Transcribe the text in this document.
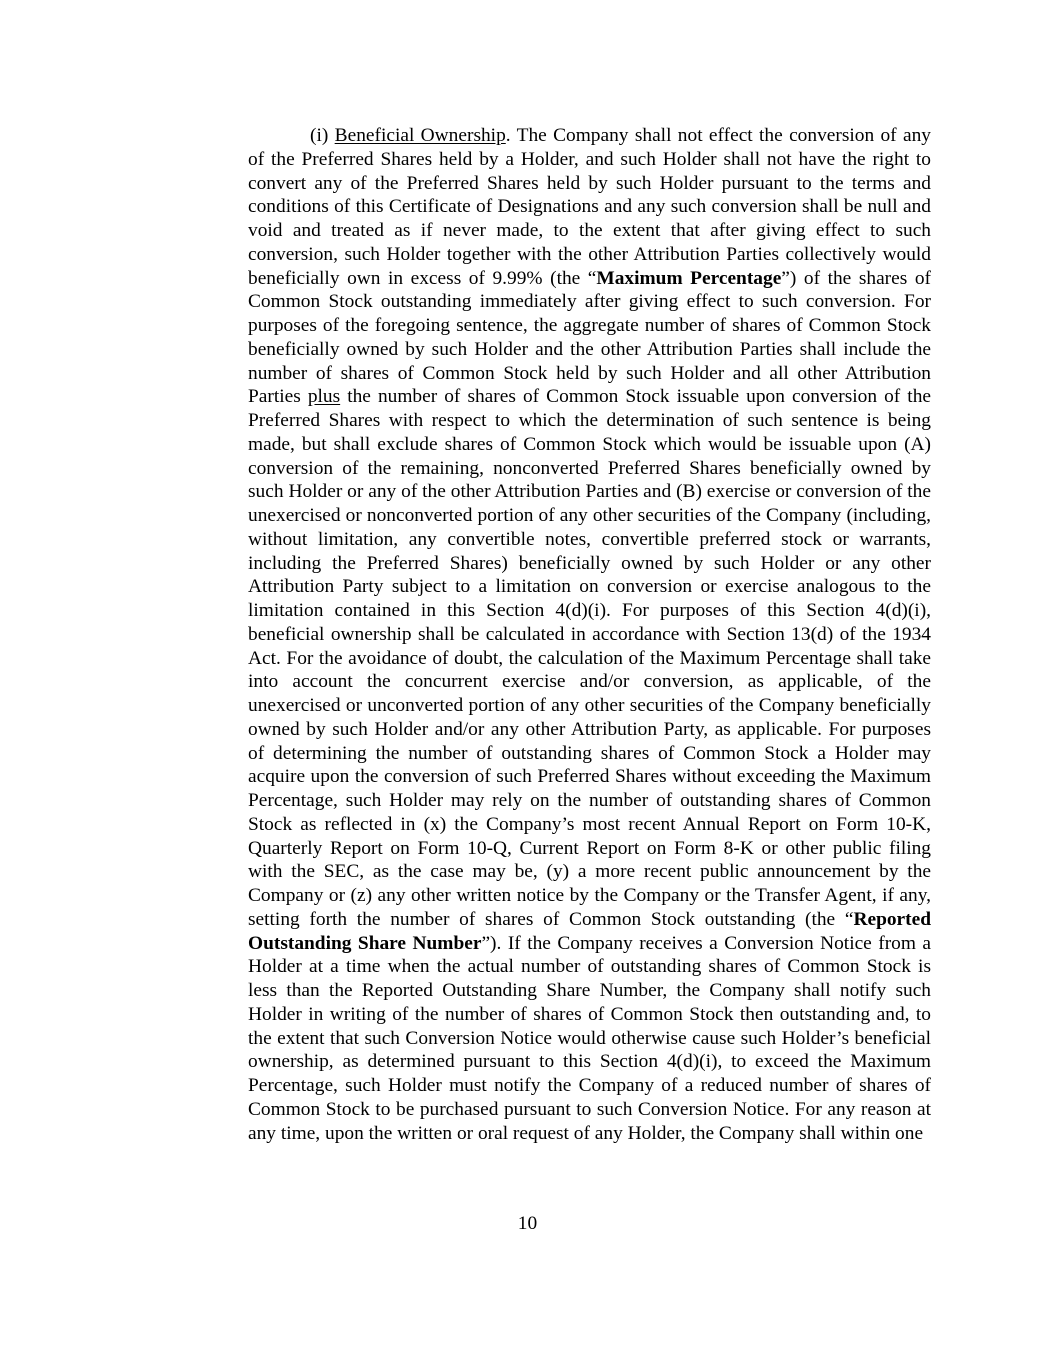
(i) Beneficial Ownership. The Company shall not effect the conversion of any of the Preferred Shares held by a Holder, and such Holder shall not have the right to convert any of the Preferred Shares held by such Holder pursuant to the terms and conditions of this Certificate of Designations and any such conversion shall be null and void and treated as if never made, to the extent that after giving effect to such conversion, such Holder together with the other Attribution Parties collectively would beneficially own in excess of 9.99% (the “Maximum Percentage”) of the shares of Common Stock outstanding immediately after giving effect to such conversion. For purposes of the foregoing sentence, the aggregate number of shares of Common Stock beneficially owned by such Holder and the other Attribution Parties shall include the number of shares of Common Stock held by such Holder and all other Attribution Parties plus the number of shares of Common Stock issuable upon conversion of the Preferred Shares with respect to which the determination of such sentence is being made, but shall exclude shares of Common Stock which would be issuable upon (A) conversion of the remaining, nonconverted Preferred Shares beneficially owned by such Holder or any of the other Attribution Parties and (B) exercise or conversion of the unexercised or nonconverted portion of any other securities of the Company (including, without limitation, any convertible notes, convertible preferred stock or warrants, including the Preferred Shares) beneficially owned by such Holder or any other Attribution Party subject to a limitation on conversion or exercise analogous to the limitation contained in this Section 4(d)(i). For purposes of this Section 4(d)(i), beneficial ownership shall be calculated in accordance with Section 13(d) of the 1934 Act. For the avoidance of doubt, the calculation of the Maximum Percentage shall take into account the concurrent exercise and/or conversion, as applicable, of the unexercised or unconverted portion of any other securities of the Company beneficially owned by such Holder and/or any other Attribution Party, as applicable. For purposes of determining the number of outstanding shares of Common Stock a Holder may acquire upon the conversion of such Preferred Shares without exceeding the Maximum Percentage, such Holder may rely on the number of outstanding shares of Common Stock as reflected in (x) the Company’s most recent Annual Report on Form 10-K, Quarterly Report on Form 10-Q, Current Report on Form 8-K or other public filing with the SEC, as the case may be, (y) a more recent public announcement by the Company or (z) any other written notice by the Company or the Transfer Agent, if any, setting forth the number of shares of Common Stock outstanding (the “Reported Outstanding Share Number”). If the Company receives a Conversion Notice from a Holder at a time when the actual number of outstanding shares of Common Stock is less than the Reported Outstanding Share Number, the Company shall notify such Holder in writing of the number of shares of Common Stock then outstanding and, to the extent that such Conversion Notice would otherwise cause such Holder’s beneficial ownership, as determined pursuant to this Section 4(d)(i), to exceed the Maximum Percentage, such Holder must notify the Company of a reduced number of shares of Common Stock to be purchased pursuant to such Conversion Notice. For any reason at any time, upon the written or oral request of any Holder, the Company shall within one

10
